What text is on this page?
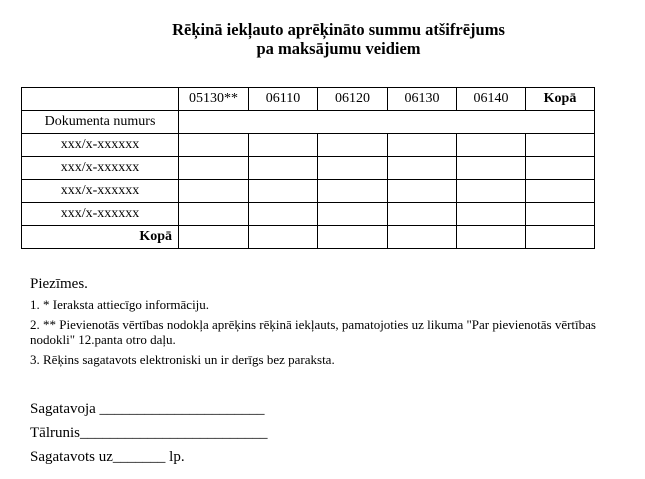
Rēķinā iekļauto aprēķināto summu atšifrējums
pa maksājumu veidiem
	05130**	06110	06120	06130	06140	Kopā
Dokumenta numurs						
xxx/x-xxxxxx						
xxx/x-xxxxxx						
xxx/x-xxxxxx						
xxx/x-xxxxxx						
Kopā						
Piezīmes.
1. * Ieraksta attiecīgo informāciju.
2. ** Pievienotās vērtības nodokļa aprēķins rēķinā iekļauts, pamatojoties uz likuma "Par pievienotās vērtības nodokli" 12.panta otro daļu.
3. Rēķins sagatavots elektroniski un ir derīgs bez paraksta.
Sagatavoja ______________________
Tālrunis_________________________
Sagatavots uz_______ lp.
